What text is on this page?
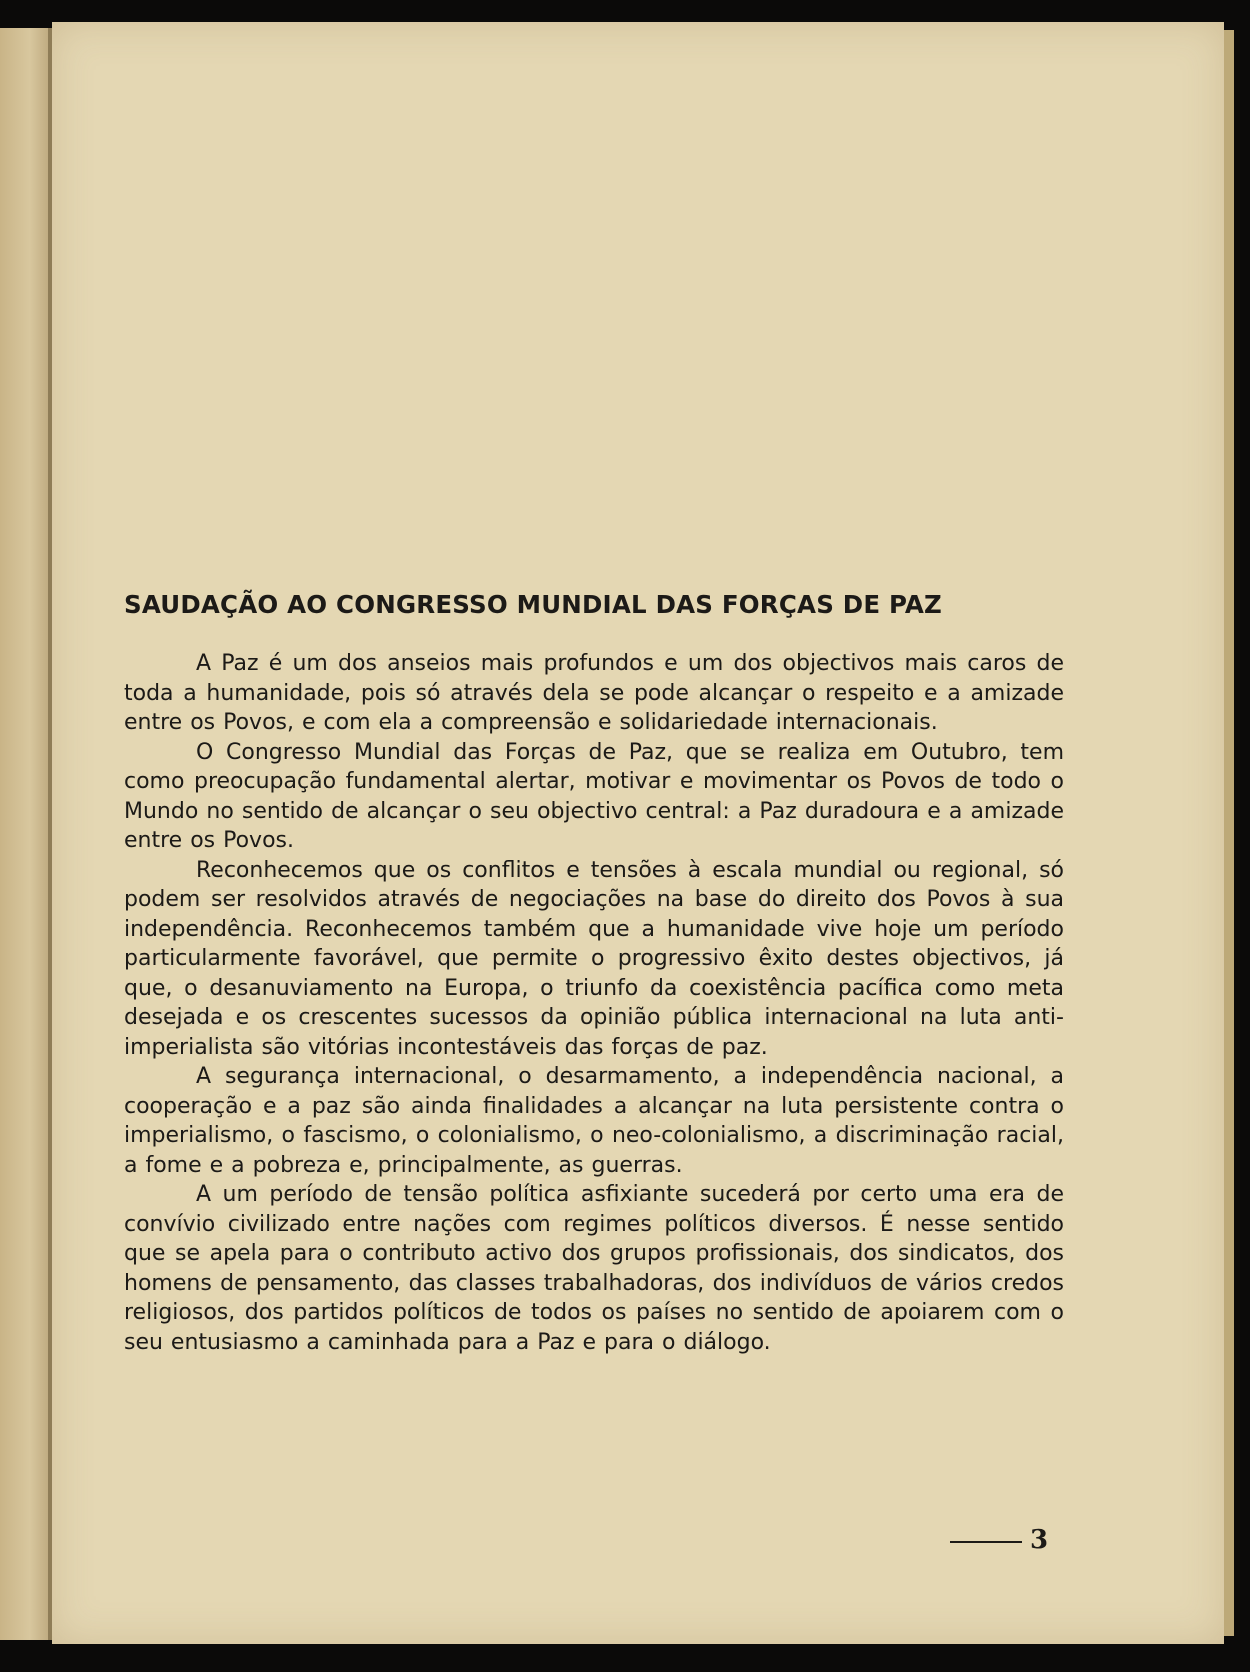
SAUDAÇÃO AO CONGRESSO MUNDIAL DAS FORÇAS DE PAZ

A Paz é um dos anseios mais profundos e um dos objectivos mais caros de toda a humanidade, pois só através dela se pode alcançar o respeito e a amizade entre os Povos, e com ela a compreensão e solidariedade internacionais.

O Congresso Mundial das Forças de Paz, que se realiza em Outubro, tem como preocupação fundamental alertar, motivar e movimentar os Povos de todo o Mundo no sentido de alcançar o seu objectivo central: a Paz duradoura e a amizade entre os Povos.

Reconhecemos que os conflitos e tensões à escala mundial ou regional, só podem ser resolvidos através de negociações na base do direito dos Povos à sua independência. Reconhecemos também que a humanidade vive hoje um período particularmente favorável, que permite o progressivo êxito destes objectivos, já que, o desanuviamento na Europa, o triunfo da coexistência pacífica como meta desejada e os crescentes sucessos da opinião pública internacional na luta anti-imperialista são vitórias incontestáveis das forças de paz.

A segurança internacional, o desarmamento, a independência nacional, a cooperação e a paz são ainda finalidades a alcançar na luta persistente contra o imperialismo, o fascismo, o colonialismo, o neo-colonialismo, a discriminação racial, a fome e a pobreza e, principalmente, as guerras.

A um período de tensão política asfixiante sucederá por certo uma era de convívio civilizado entre nações com regimes políticos diversos. É nesse sentido que se apela para o contributo activo dos grupos profissionais, dos sindicatos, dos homens de pensamento, das classes trabalhadoras, dos indivíduos de vários credos religiosos, dos partidos políticos de todos os países no sentido de apoiarem com o seu entusiasmo a caminhada para a Paz e para o diálogo.

3
